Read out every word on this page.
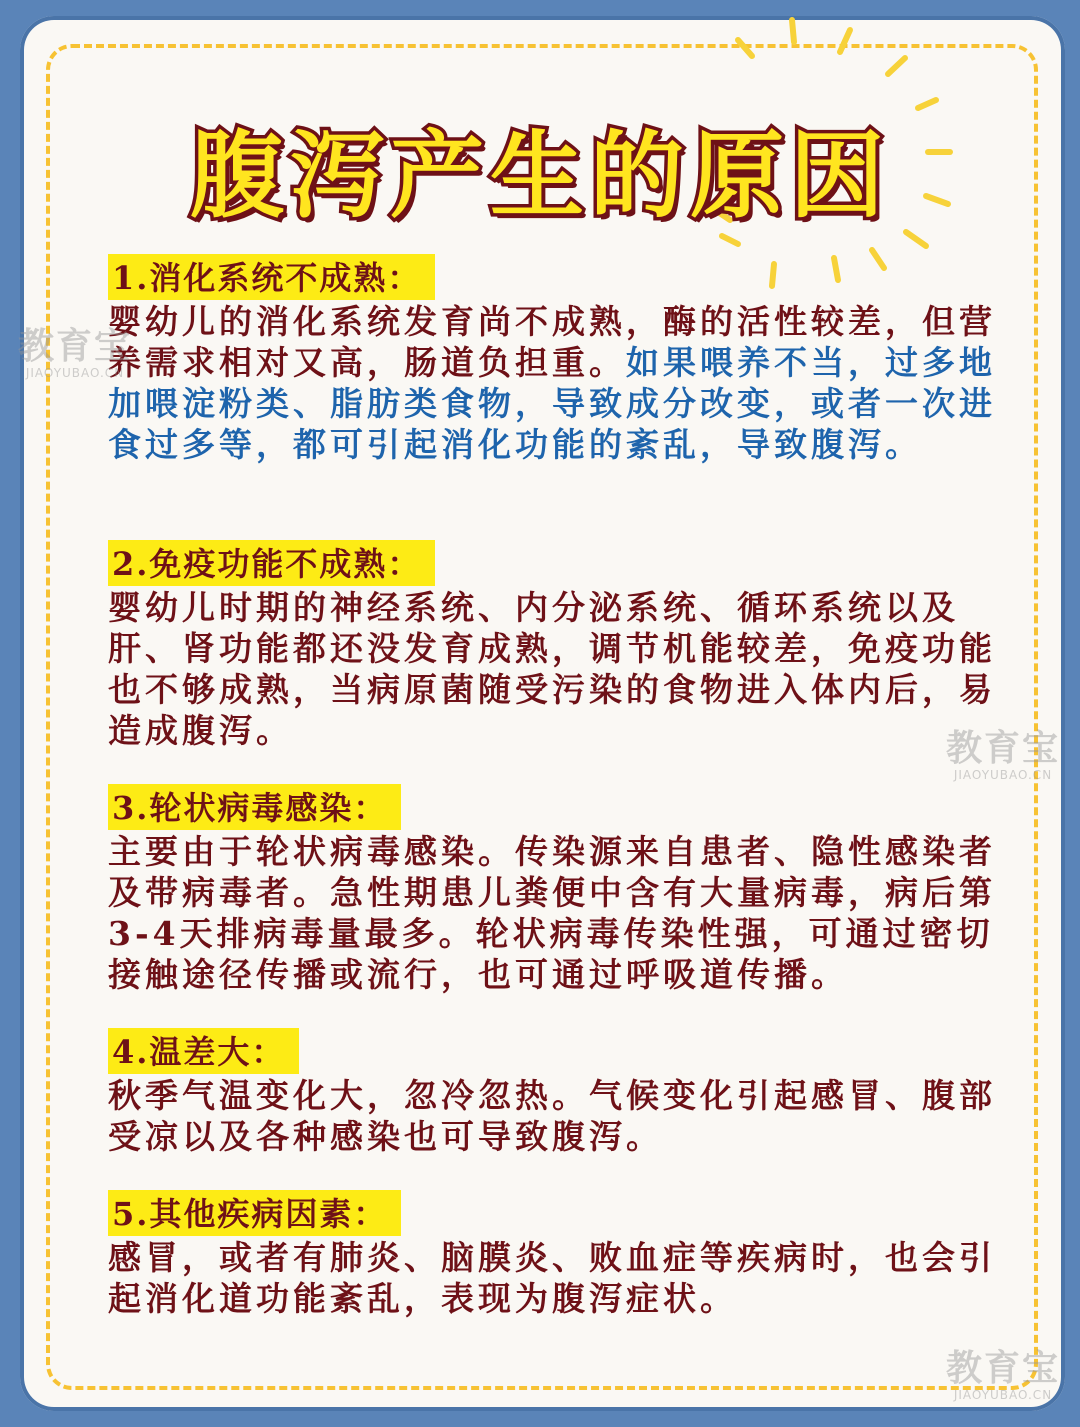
腹泻产生的原因
1.消化系统不成熟：
婴幼儿的消化系统发育尚不成熟，酶的活性较差，但营养需求相对又高，肠道负担重。如果喂养不当，过多地加喂淀粉类、脂肪类食物，导致成分改变，或者一次进食过多等，都可引起消化功能的紊乱，导致腹泻。
2.免疫功能不成熟：
婴幼儿时期的神经系统、内分泌系统、循环系统以及肝、肾功能都还没发育成熟，调节机能较差，免疫功能也不够成熟，当病原菌随受污染的食物进入体内后，易造成腹泻。
3.轮状病毒感染：
主要由于轮状病毒感染。传染源来自患者、隐性感染者及带病毒者。急性期患儿粪便中含有大量病毒，病后第3-4天排病毒量最多。轮状病毒传染性强，可通过密切接触途径传播或流行，也可通过呼吸道传播。
4.温差大：
秋季气温变化大，忽冷忽热。气候变化引起感冒、腹部受凉以及各种感染也可导致腹泻。
5.其他疾病因素：
感冒，或者有肺炎、脑膜炎、败血症等疾病时，也会引起消化道功能紊乱，表现为腹泻症状。
教育宝
JIAOYUBAO.CN
教育宝
JIAOYUBAO.CN
教育宝
JIAOYUBAO.CN
